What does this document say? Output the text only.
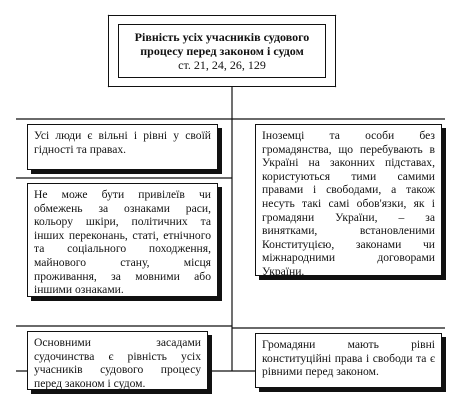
Рівність усіх учасників судового процесу перед законом і судом
ст. 21, 24, 26, 129
Усі люди є вільні і рівні у своїй гідності та правах.
Не може бути привілеїв чи обмежень за ознаками раси, кольору шкіри, політичних та інших переконань, статі, етнічного та соціального походження, майнового стану, місця проживання, за мовними або іншими ознаками.
Основними засадами судочинства є рівність усіх учасників судового процесу перед законом і судом.
Іноземці та особи без громадянства, що перебувають в Україні на законних підставах, користуються тими самими правами і свободами, а також несуть такі самі обов'язки, як і громадяни України, – за винятками, встановленими Конституцією, законами чи міжнародними договорами України.
Громадяни мають рівні конституційні права і свободи та є рівними перед законом.
